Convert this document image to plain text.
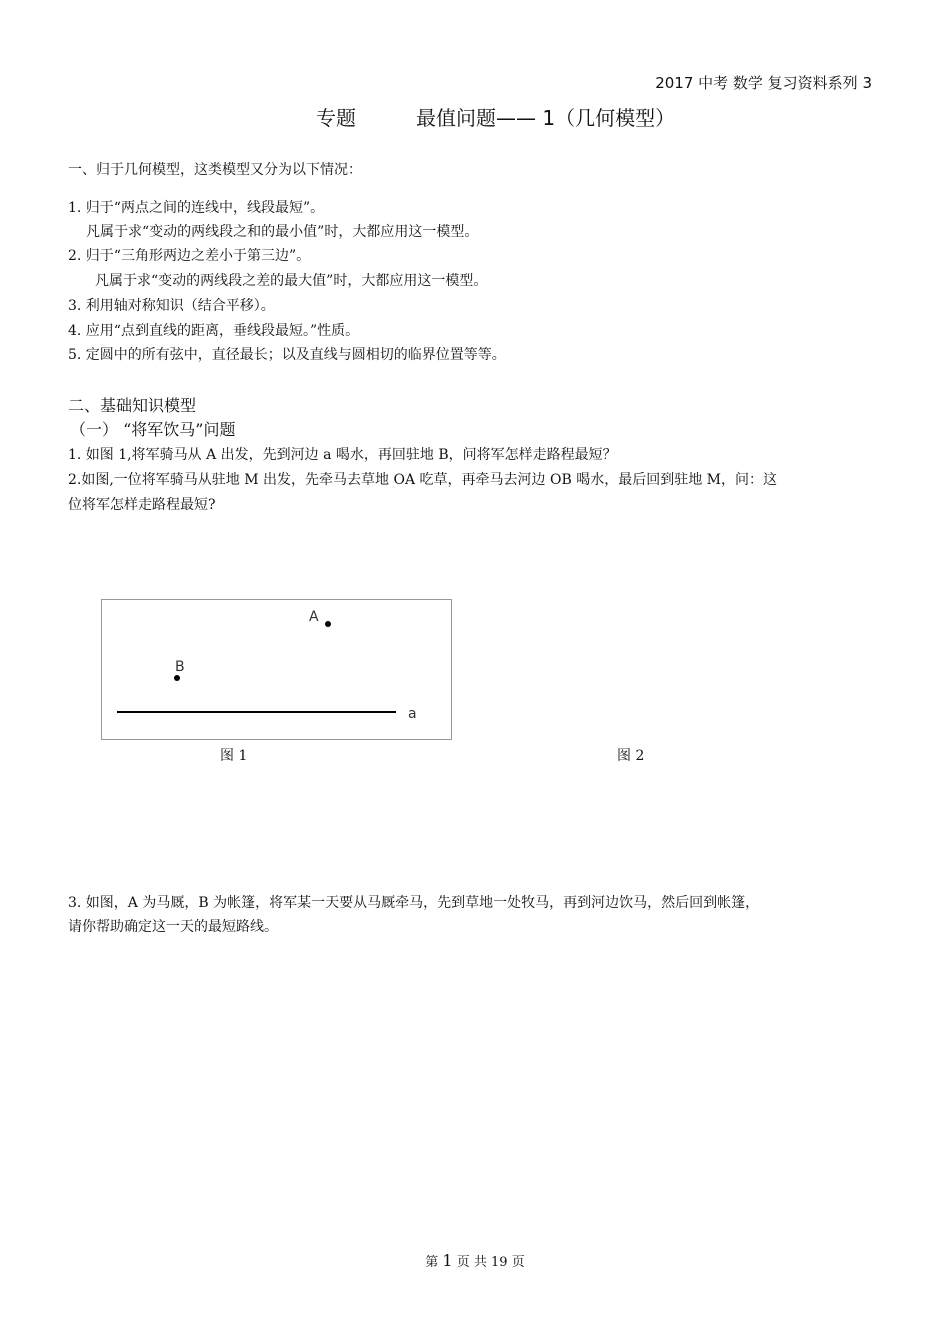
2017 中考 数学 复习资料系列 3
专题	最值问题—— 1（几何模型）
一、归于几何模型，这类模型又分为以下情况：
1. 归于“两点之间的连线中，线段最短”。
凡属于求“变动的两线段之和的最小值”时，大都应用这一模型。
2. 归于“三角形两边之差小于第三边”。
凡属于求“变动的两线段之差的最大值”时，大都应用这一模型。
3. 利用轴对称知识（结合平移）。
4. 应用“点到直线的距离，垂线段最短。”性质。
5. 定圆中的所有弦中，直径最长；以及直线与圆相切的临界位置等等。
二、基础知识模型
（一） “将军饮马”问题
1. 如图 1,将军骑马从 A 出发，先到河边 a 喝水，再回驻地 B，问将军怎样走路程最短？
2.如图,一位将军骑马从驻地 M 出发，先牵马去草地 OA 吃草，再牵马去河边 OB 喝水，最后回到驻地 M，问：这
位将军怎样走路程最短?
A
B
a
图 1	图 2
3. 如图，A 为马厩，B 为帐篷，将军某一天要从马厩牵马，先到草地一处牧马，再到河边饮马，然后回到帐篷，
请你帮助确定这一天的最短路线。
第 1 页 共 19 页
